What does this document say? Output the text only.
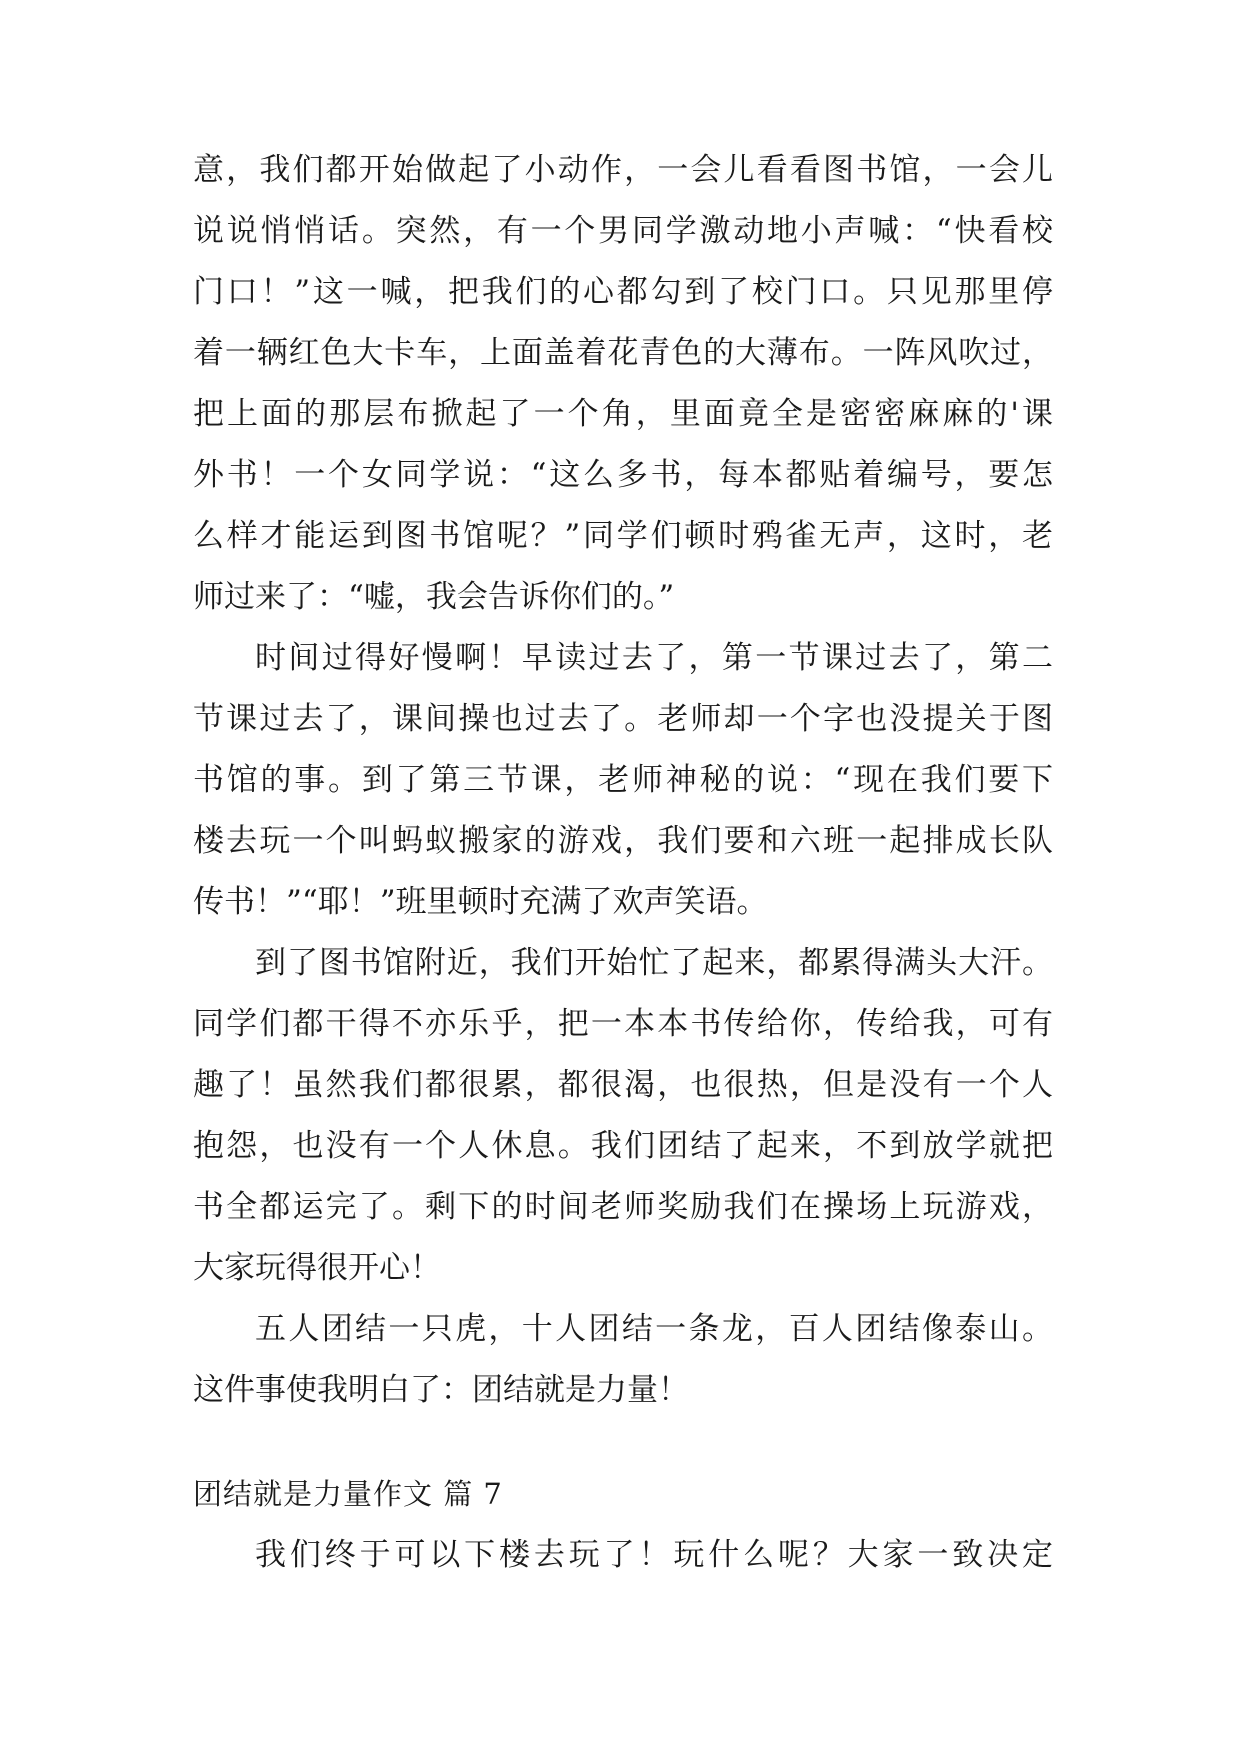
意，我们都开始做起了小动作，一会儿看看图书馆，一会儿
说说悄悄话。突然，有一个男同学激动地小声喊：“快看校
门口！”这一喊，把我们的心都勾到了校门口。只见那里停
着一辆红色大卡车，上面盖着花青色的大薄布。一阵风吹过，
把上面的那层布掀起了一个角，里面竟全是密密麻麻的'课
外书！一个女同学说：“这么多书，每本都贴着编号，要怎
么样才能运到图书馆呢？”同学们顿时鸦雀无声，这时，老
师过来了：“嘘，我会告诉你们的。”
时间过得好慢啊！早读过去了，第一节课过去了，第二
节课过去了，课间操也过去了。老师却一个字也没提关于图
书馆的事。到了第三节课，老师神秘的说：“现在我们要下
楼去玩一个叫蚂蚁搬家的游戏，我们要和六班一起排成长队
传书！”“耶！”班里顿时充满了欢声笑语。
到了图书馆附近，我们开始忙了起来，都累得满头大汗。
同学们都干得不亦乐乎，把一本本书传给你，传给我，可有
趣了！虽然我们都很累，都很渴，也很热，但是没有一个人
抱怨，也没有一个人休息。我们团结了起来，不到放学就把
书全都运完了。剩下的时间老师奖励我们在操场上玩游戏，
大家玩得很开心！
五人团结一只虎，十人团结一条龙，百人团结像泰山。
这件事使我明白了：团结就是力量！
团结就是力量作文 篇 7
我们终于可以下楼去玩了！玩什么呢？大家一致决定
